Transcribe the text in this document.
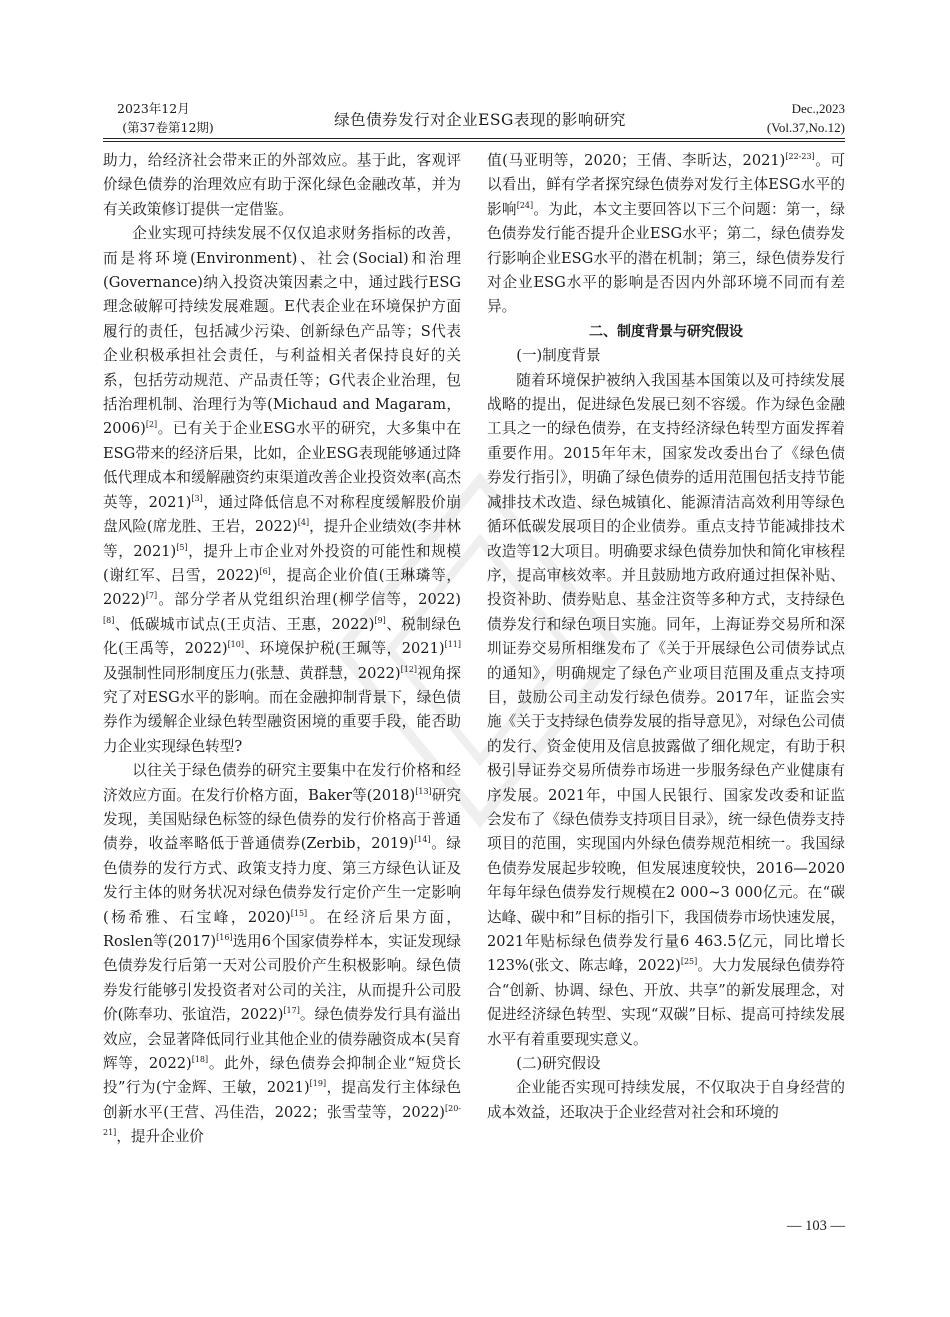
2023年12月
(第37卷第12期)	绿色债券发行对企业ESG表现的影响研究
Dec.,2023
(Vol.37,No.12)

助力，给经济社会带来正的外部效应。基于此，客观评价绿色债券的治理效应有助于深化绿色金融改革，并为有关政策修订提供一定借鉴。

企业实现可持续发展不仅仅追求财务指标的改善，而是将环境(Environment)、社会(Social)和治理(Governance)纳入投资决策因素之中，通过践行ESG理念破解可持续发展难题。E代表企业在环境保护方面履行的责任，包括减少污染、创新绿色产品等；S代表企业积极承担社会责任，与利益相关者保持良好的关系，包括劳动规范、产品责任等；G代表企业治理，包括治理机制、治理行为等(Michaud and Magaram，2006)[2]。已有关于企业ESG水平的研究，大多集中在ESG带来的经济后果，比如，企业ESG表现能够通过降低代理成本和缓解融资约束渠道改善企业投资效率(高杰英等，2021)[3]，通过降低信息不对称程度缓解股价崩盘风险(席龙胜、王岩，2022)[4]，提升企业绩效(李井林等，2021)[5]，提升上市企业对外投资的可能性和规模(谢红军、吕雪，2022)[6]，提高企业价值(王琳璘等，2022)[7]。部分学者从党组织治理(柳学信等，2022)[8]、低碳城市试点(王贞洁、王惠，2022)[9]、税制绿色化(王禹等，2022)[10]、环境保护税(王珮等，2021)[11]及强制性同形制度压力(张慧、黄群慧，2022)[12]视角探究了对ESG水平的影响。而在金融抑制背景下，绿色债券作为缓解企业绿色转型融资困境的重要手段，能否助力企业实现绿色转型?

以往关于绿色债券的研究主要集中在发行价格和经济效应方面。在发行价格方面，Baker等(2018)[13]研究发现，美国贴绿色标签的绿色债券的发行价格高于普通债券，收益率略低于普通债券(Zerbib，2019)[14]。绿色债券的发行方式、政策支持力度、第三方绿色认证及发行主体的财务状况对绿色债券发行定价产生一定影响(杨希雅、石宝峰，2020)[15]。在经济后果方面，Roslen等(2017)[16]选用6个国家债券样本，实证发现绿色债券发行后第一天对公司股价产生积极影响。绿色债券发行能够引发投资者对公司的关注，从而提升公司股价(陈奉功、张谊浩，2022)[17]。绿色债券发行具有溢出效应，会显著降低同行业其他企业的债券融资成本(吴育辉等，2022)[18]。此外，绿色债券会抑制企业“短贷长投”行为(宁金辉、王敏，2021)[19]，提高发行主体绿色创新水平(王营、冯佳浩，2022；张雪莹等，2022)[20-21]，提升企业价

值(马亚明等，2020；王倩、李昕达，2021)[22-23]。可以看出，鲜有学者探究绿色债券对发行主体ESG水平的影响[24]。为此，本文主要回答以下三个问题：第一，绿色债券发行能否提升企业ESG水平；第二，绿色债券发行影响企业ESG水平的潜在机制；第三，绿色债券发行对企业ESG水平的影响是否因内外部环境不同而有差异。

二、制度背景与研究假设

(一)制度背景

随着环境保护被纳入我国基本国策以及可持续发展战略的提出，促进绿色发展已刻不容缓。作为绿色金融工具之一的绿色债券，在支持经济绿色转型方面发挥着重要作用。2015年年末，国家发改委出台了《绿色债券发行指引》，明确了绿色债券的适用范围包括支持节能减排技术改造、绿色城镇化、能源清洁高效利用等绿色循环低碳发展项目的企业债券。重点支持节能减排技术改造等12大项目。明确要求绿色债券加快和简化审核程序，提高审核效率。并且鼓励地方政府通过担保补贴、投资补助、债券贴息、基金注资等多种方式，支持绿色债券发行和绿色项目实施。同年，上海证券交易所和深圳证券交易所相继发布了《关于开展绿色公司债券试点的通知》，明确规定了绿色产业项目范围及重点支持项目，鼓励公司主动发行绿色债券。2017年，证监会实施《关于支持绿色债券发展的指导意见》，对绿色公司债的发行、资金使用及信息披露做了细化规定，有助于积极引导证券交易所债券市场进一步服务绿色产业健康有序发展。2021年，中国人民银行、国家发改委和证监会发布了《绿色债券支持项目目录》，统一绿色债券支持项目的范围，实现国内外绿色债券规范相统一。我国绿色债券发展起步较晚，但发展速度较快，2016—2020年每年绿色债券发行规模在2 000~3 000亿元。在“碳达峰、碳中和”目标的指引下，我国债券市场快速发展，2021年贴标绿色债券发行量6 463.5亿元，同比增长123%(张文、陈志峰，2022)[25]。大力发展绿色债券符合“创新、协调、绿色、开放、共享”的新发展理念，对促进经济绿色转型、实现“双碳”目标、提高可持续发展水平有着重要现实意义。

(二)研究假设

企业能否实现可持续发展，不仅取决于自身经营的成本效益，还取决于企业经营对社会和环境的

— 103 —
